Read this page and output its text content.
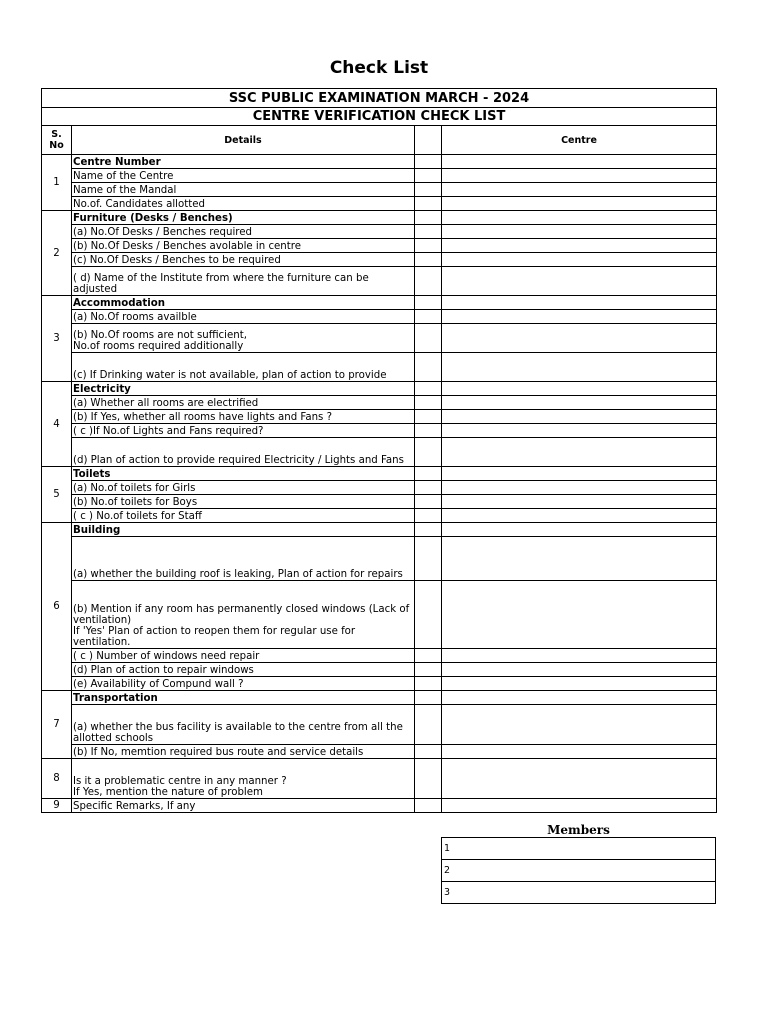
Check List
SSC PUBLIC EXAMINATION MARCH - 2024			
CENTRE VERIFICATION CHECK LIST			
S. No	Details		Centre
1	Centre Number		
	Name of the Centre		
	Name of the Mandal		
	No.of. Candidates allotted		
2	Furniture (Desks / Benches)		
	(a) No.Of Desks / Benches required		
	(b) No.Of Desks / Benches avolable in centre		
	(c) No.Of Desks / Benches to be required		
	( d) Name of the Institute from where the furniture can be adjusted		
3	Accommodation		
	(a) No.Of rooms availble		
	(b) No.Of rooms are not sufficient,
No.of rooms required additionally		
	(c) If Drinking water is not available, plan of action to provide		
4	Electricity		
	(a) Whether all rooms are electrified		
	(b) If Yes, whether all rooms have lights and Fans ?		
	( c )If No.of Lights and Fans required?		
	(d) Plan of action to provide required Electricity / Lights and Fans		
5	Toilets		
	(a) No.of toilets for Girls		
	(b) No.of toilets for Boys		
	( c ) No.of toilets for Staff		
6	Building		
	(a) whether the building roof is leaking, Plan of action for repairs		
	(b) Mention if any room has permanently closed windows (Lack of ventilation)
If 'Yes' Plan of action to reopen them for regular use for ventilation.		
	( c ) Number of windows need repair		
	(d) Plan of action to repair windows		
	(e) Availability of Compund wall ?		
7	Transportation		
	(a) whether the bus facility is available to the centre from all the allotted schools		
	(b) If No, memtion required bus route and service details		
8	Is it a problematic centre in any manner ?
If Yes, mention the nature of problem		
9	Specific Remarks, If any		
Members
1
2
3
